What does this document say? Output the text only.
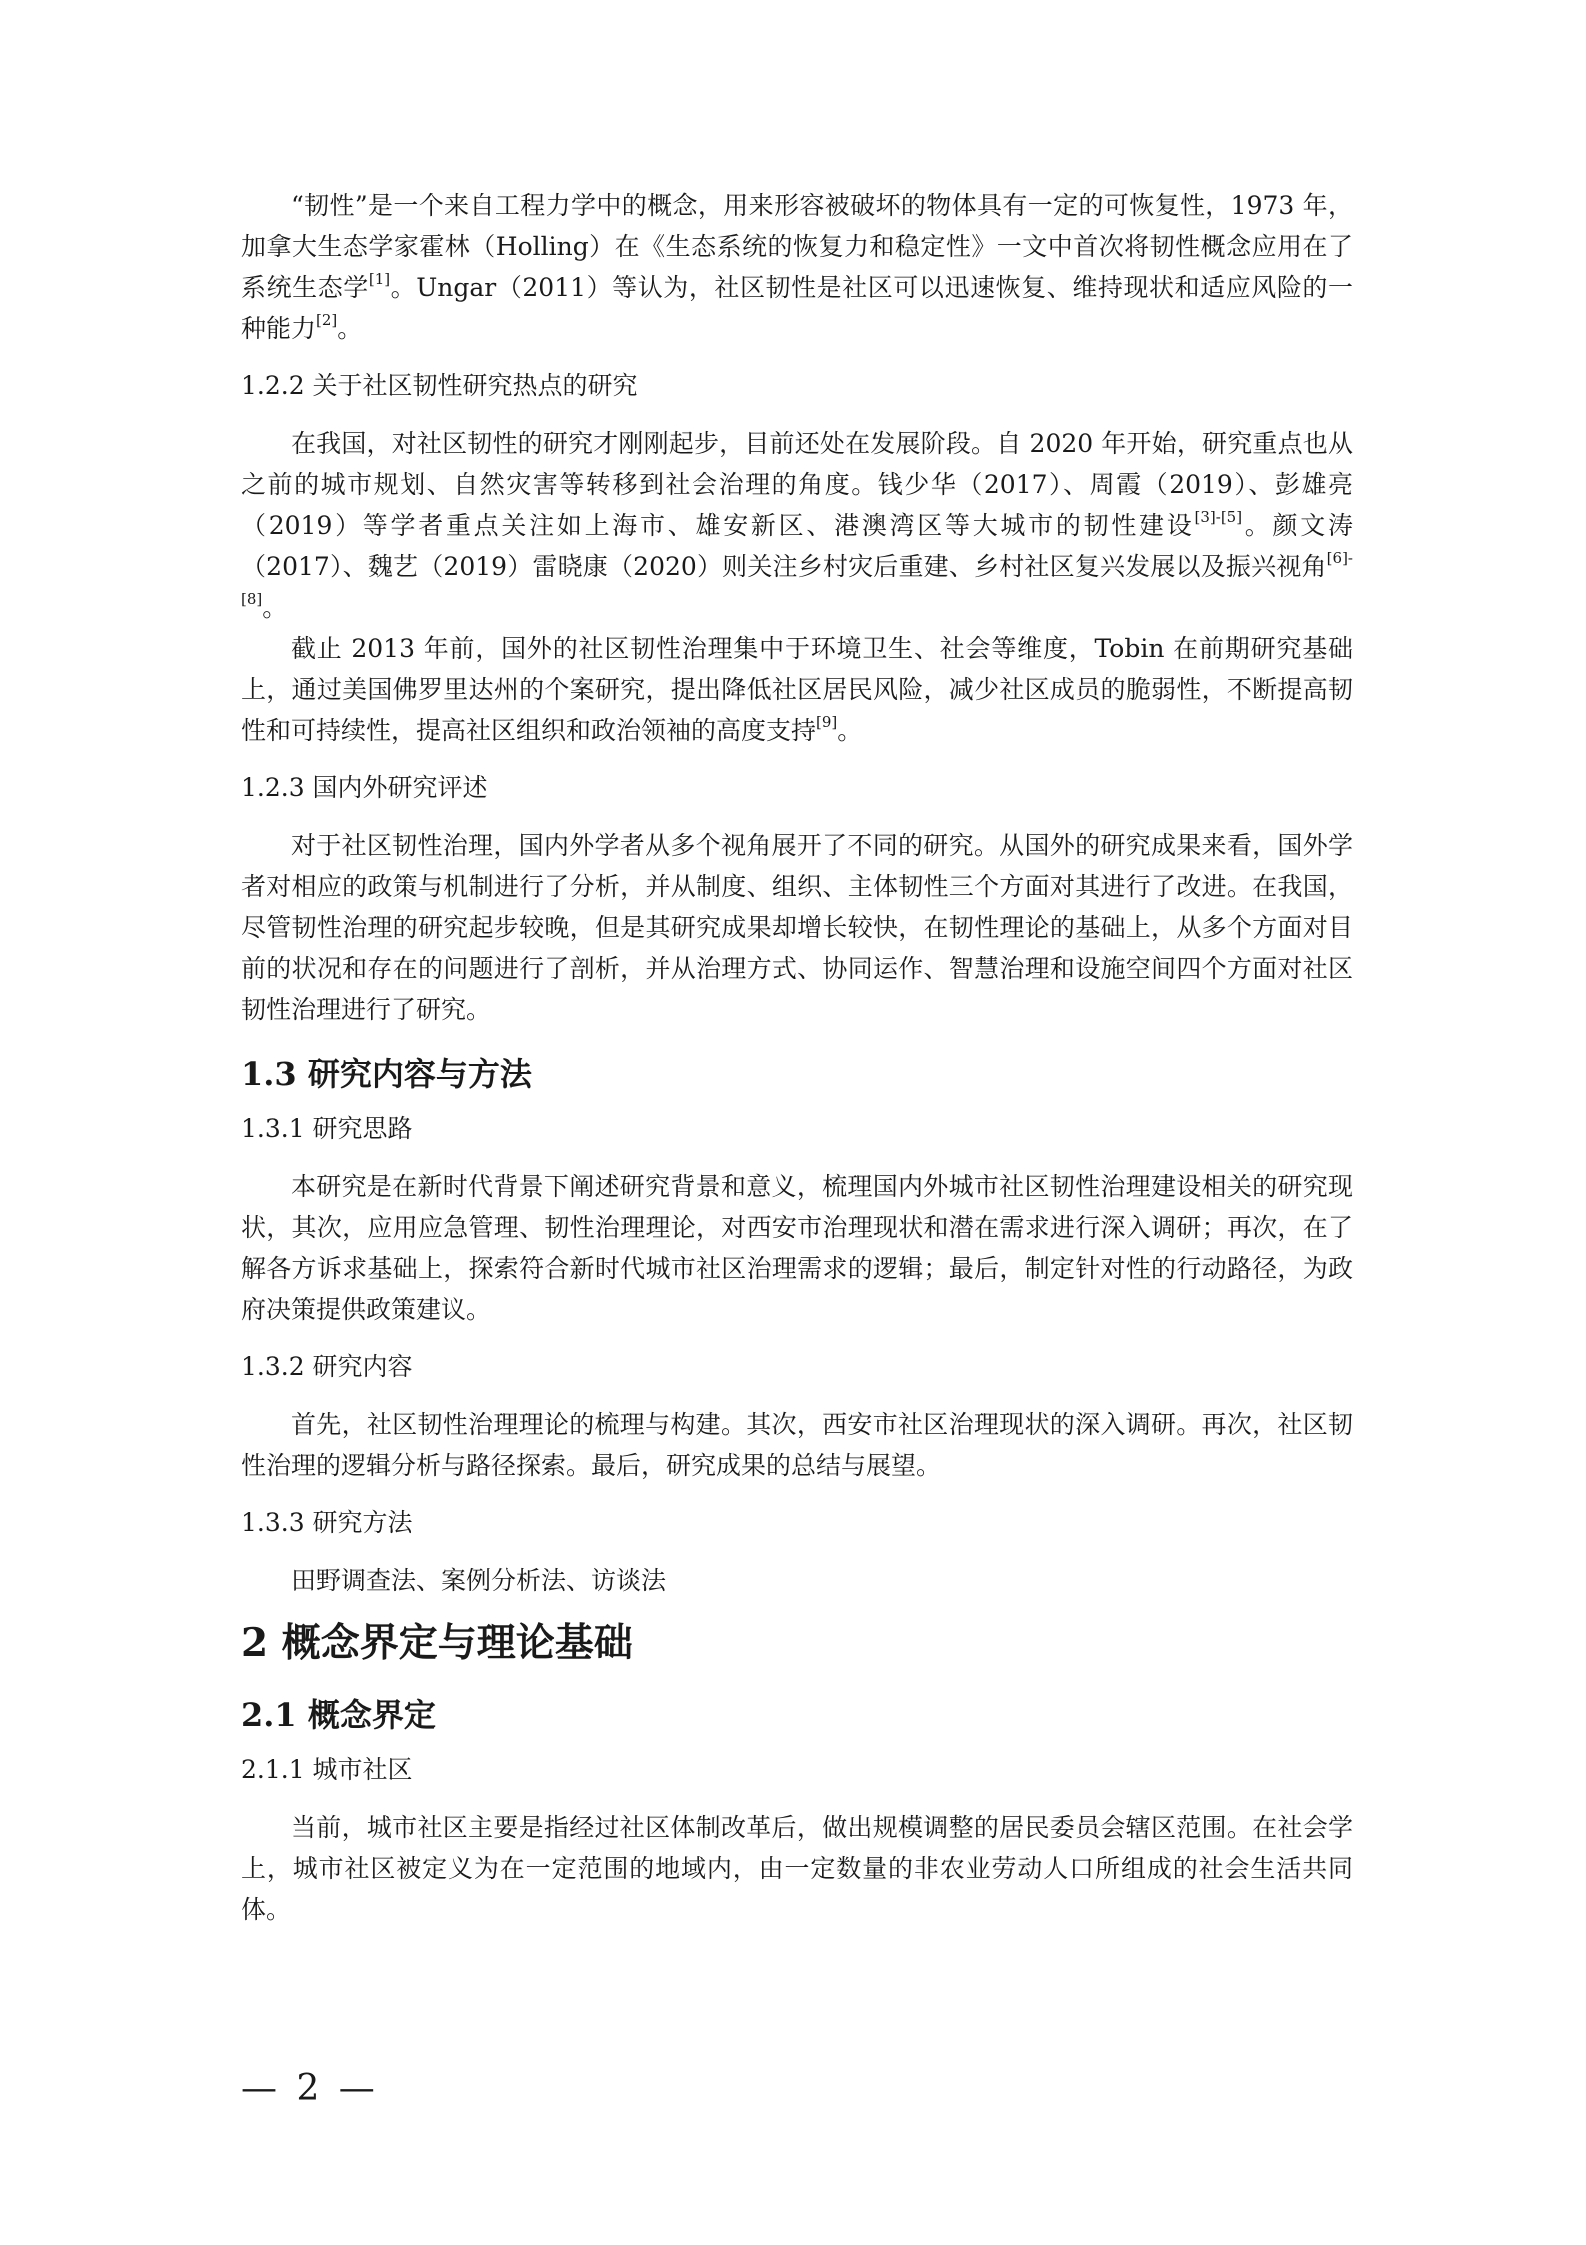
“韧性”是一个来自工程力学中的概念，用来形容被破坏的物体具有一定的可恢复性，1973 年，加拿大生态学家霍林（Holling）在《生态系统的恢复力和稳定性》一文中首次将韧性概念应用在了系统生态学[1]。Ungar（2011）等认为，社区韧性是社区可以迅速恢复、维持现状和适应风险的一种能力[2]。

1.2.2 关于社区韧性研究热点的研究

在我国，对社区韧性的研究才刚刚起步，目前还处在发展阶段。自 2020 年开始，研究重点也从之前的城市规划、自然灾害等转移到社会治理的角度。钱少华（2017）、周霞（2019）、彭雄亮（2019）等学者重点关注如上海市、雄安新区、港澳湾区等大城市的韧性建设[3]-[5]。颜文涛（2017）、魏艺（2019）雷晓康（2020）则关注乡村灾后重建、乡村社区复兴发展以及振兴视角[6]-[8]。

截止 2013 年前，国外的社区韧性治理集中于环境卫生、社会等维度，Tobin 在前期研究基础上，通过美国佛罗里达州的个案研究，提出降低社区居民风险，减少社区成员的脆弱性，不断提高韧性和可持续性，提高社区组织和政治领袖的高度支持[9]。

1.2.3 国内外研究评述

对于社区韧性治理，国内外学者从多个视角展开了不同的研究。从国外的研究成果来看，国外学者对相应的政策与机制进行了分析，并从制度、组织、主体韧性三个方面对其进行了改进。在我国，尽管韧性治理的研究起步较晚，但是其研究成果却增长较快，在韧性理论的基础上，从多个方面对目前的状况和存在的问题进行了剖析，并从治理方式、协同运作、智慧治理和设施空间四个方面对社区韧性治理进行了研究。

1.3 研究内容与方法
1.3.1 研究思路

本研究是在新时代背景下阐述研究背景和意义，梳理国内外城市社区韧性治理建设相关的研究现状，其次，应用应急管理、韧性治理理论，对西安市治理现状和潜在需求进行深入调研；再次，在了解各方诉求基础上，探索符合新时代城市社区治理需求的逻辑；最后，制定针对性的行动路径，为政府决策提供政策建议。

1.3.2 研究内容

首先，社区韧性治理理论的梳理与构建。其次，西安市社区治理现状的深入调研。再次，社区韧性治理的逻辑分析与路径探索。最后，研究成果的总结与展望。

1.3.3 研究方法

田野调查法、案例分析法、访谈法

2 概念界定与理论基础
2.1 概念界定
2.1.1 城市社区

当前，城市社区主要是指经过社区体制改革后，做出规模调整的居民委员会辖区范围。在社会学上，城市社区被定义为在一定范围的地域内，由一定数量的非农业劳动人口所组成的社会生活共同体。

— 2 —
